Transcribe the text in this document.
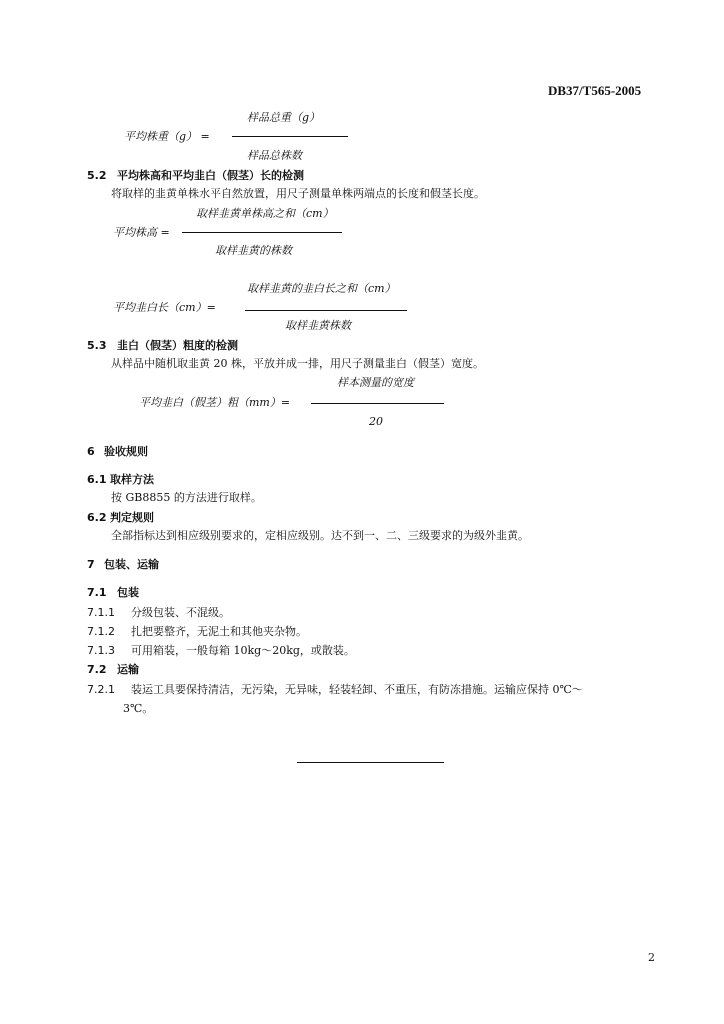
DB37/T565-2005
样品总重（g）
平均株重（g） =
样品总株数
5.2 平均株高和平均韭白（假茎）长的检测
将取样的韭黄单株水平自然放置，用尺子测量单株两端点的长度和假茎长度。
取样韭黄单株高之和（cm）
平均株高 =
取样韭黄的株数
取样韭黄的韭白长之和（cm）
平均韭白长（cm）=
取样韭黄株数
5.3 韭白（假茎）粗度的检测
从样品中随机取韭黄 20 株，平放并成一排，用尺子测量韭白（假茎）宽度。
样本测量的宽度
平均韭白（假茎）粗（mm）=
20
6 验收规则
6.1 取样方法
按 GB8855 的方法进行取样。
6.2 判定规则
全部指标达到相应级别要求的，定相应级别。达不到一、二、三级要求的为级外韭黄。
7 包装、运输
7.1 包装
7.1.1 分级包装、不混级。
7.1.2 扎把要整齐，无泥土和其他夹杂物。
7.1.3 可用箱装，一般每箱 10kg～20kg，或散装。
7.2 运输
7.2.1 装运工具要保持清洁，无污染，无异味，轻装轻卸、不重压，有防冻措施。运输应保持 0℃～
3℃。
2
